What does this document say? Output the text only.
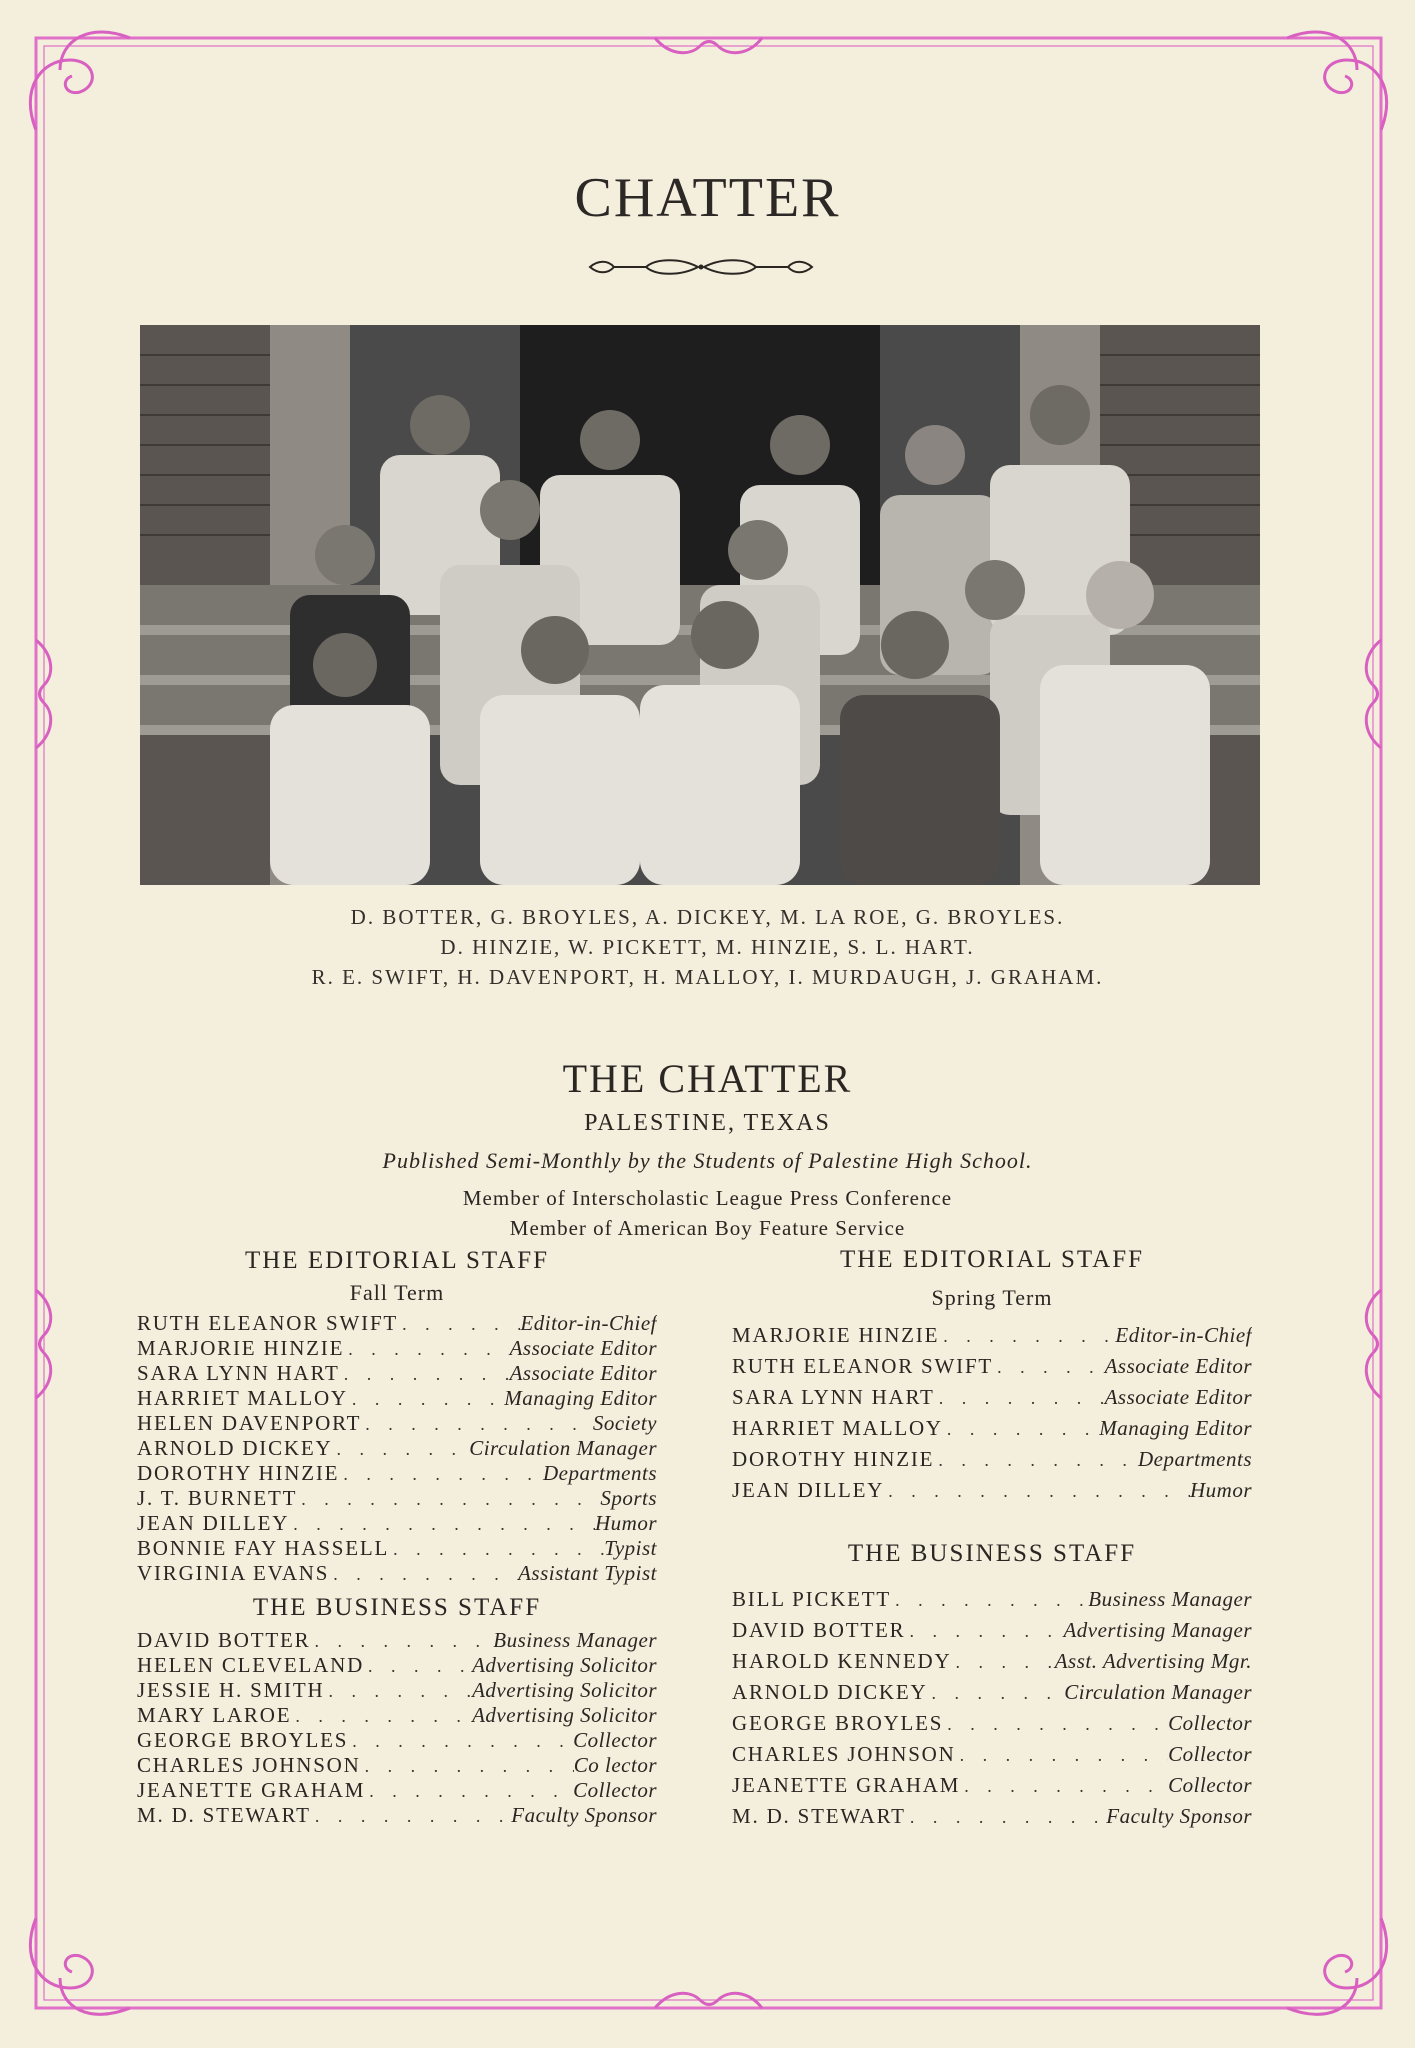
CHATTER
D. BOTTER, G. BROYLES, A. DICKEY, M. LA ROE, G. BROYLES.
D. HINZIE, W. PICKETT, M. HINZIE, S. L. HART.
R. E. SWIFT, H. DAVENPORT, H. MALLOY, I. MURDAUGH, J. GRAHAM.
THE CHATTER
PALESTINE, TEXAS
Published Semi-Monthly by the Students of Palestine High School.
Member of Interscholastic League Press Conference
Member of American Boy Feature Service
THE EDITORIAL STAFF
Fall Term
RUTH ELEANOR SWIFT . . .	Editor-in-Chief
MARJORIE HINZIE . . .	Associate Editor
SARA LYNN HART . . .	Associate Editor
HARRIET MALLOY . . .	Managing Editor
HELEN DAVENPORT . . .	Society
ARNOLD DICKEY . . .	Circulation Manager
DOROTHY HINZIE . . .	Departments
J. T. BURNETT . . .	Sports
JEAN DILLEY . . .	Humor
BONNIE FAY HASSELL . . .	Typist
VIRGINIA EVANS . . .	Assistant Typist
THE BUSINESS STAFF
DAVID BOTTER . . .	Business Manager
HELEN CLEVELAND . . .	Advertising Solicitor
JESSIE H. SMITH . . .	Advertising Solicitor
MARY LAROE . . .	Advertising Solicitor
GEORGE BROYLES . . .	Collector
CHARLES JOHNSON . . .	Co lector
JEANETTE GRAHAM . . .	Collector
M. D. STEWART . . .	Faculty Sponsor
THE EDITORIAL STAFF
Spring Term
MARJORIE HINZIE . . .	Editor-in-Chief
RUTH ELEANOR SWIFT . . .	Associate Editor
SARA LYNN HART . . .	Associate Editor
HARRIET MALLOY . . .	Managing Editor
DOROTHY HINZIE . . .	Departments
JEAN DILLEY . . .	Humor
THE BUSINESS STAFF
BILL PICKETT . . .	Business Manager
DAVID BOTTER . . .	Advertising Manager
HAROLD KENNEDY . . .	Asst. Advertising Mgr.
ARNOLD DICKEY . . .	Circulation Manager
GEORGE BROYLES . . .	Collector
CHARLES JOHNSON . . .	Collector
JEANETTE GRAHAM . . .	Collector
M. D. STEWART . . .	Faculty Sponsor
